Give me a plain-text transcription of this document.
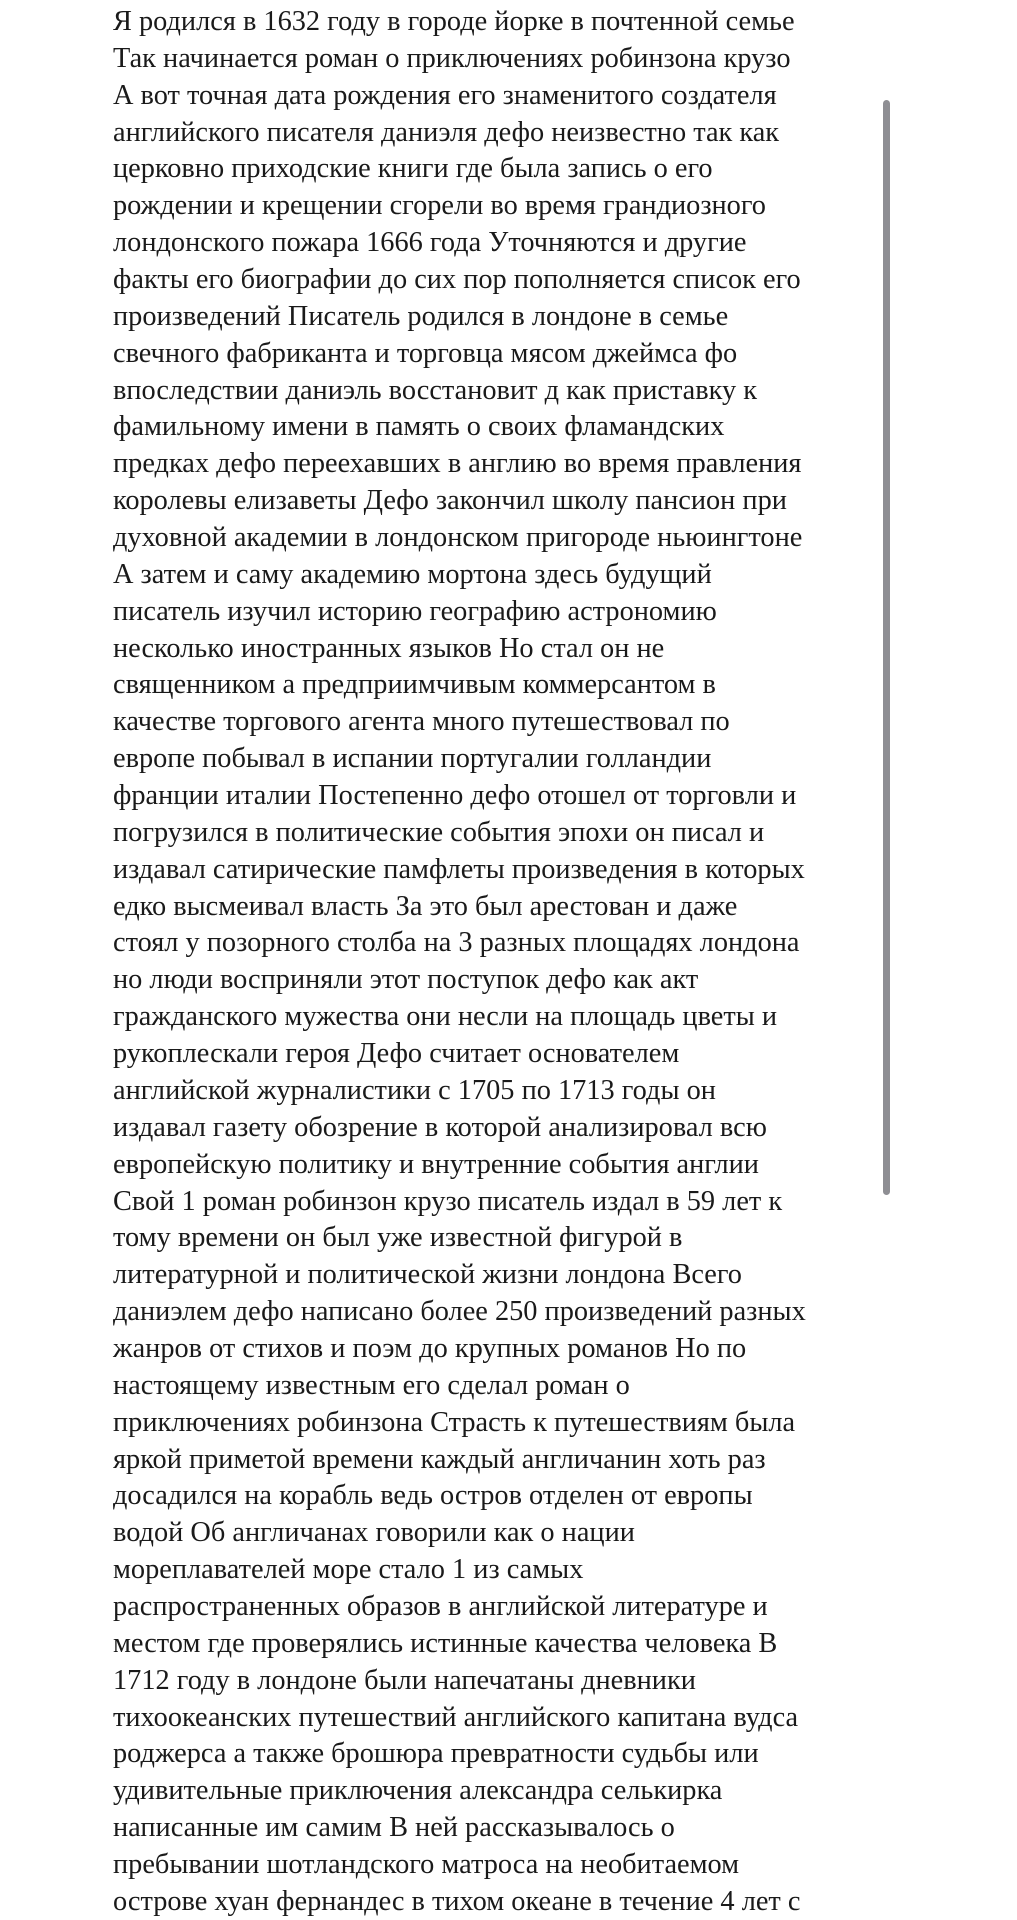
Я родился в 1632 году в городе йорке в почтенной семье
Так начинается роман о приключениях робинзона крузо
А вот точная дата рождения его знаменитого создателя
английского писателя даниэля дефо неизвестно так как
церковно приходские книги где была запись о его
рождении и крещении сгорели во время грандиозного
лондонского пожара 1666 года Уточняются и другие
факты его биографии до сих пор пополняется список его
произведений Писатель родился в лондоне в семье
свечного фабриканта и торговца мясом джеймса фо
впоследствии даниэль восстановит д как приставку к
фамильному имени в память о своих фламандских
предках дефо переехавших в англию во время правления
королевы елизаветы Дефо закончил школу пансион при
духовной академии в лондонском пригороде ньюингтоне
А затем и саму академию мортона здесь будущий
писатель изучил историю географию астрономию
несколько иностранных языков Но стал он не
священником а предприимчивым коммерсантом в
качестве торгового агента много путешествовал по
европе побывал в испании португалии голландии
франции италии Постепенно дефо отошел от торговли и
погрузился в политические события эпохи он писал и
издавал сатирические памфлеты произведения в которых
едко высмеивал власть За это был арестован и даже
стоял у позорного столба на 3 разных площадях лондона
но люди восприняли этот поступок дефо как акт
гражданского мужества они несли на площадь цветы и
рукоплескали героя Дефо считает основателем
английской журналистики с 1705 по 1713 годы он
издавал газету обозрение в которой анализировал всю
европейскую политику и внутренние события англии
Свой 1 роман робинзон крузо писатель издал в 59 лет к
тому времени он был уже известной фигурой в
литературной и политической жизни лондона Всего
даниэлем дефо написано более 250 произведений разных
жанров от стихов и поэм до крупных романов Но по
настоящему известным его сделал роман о
приключениях робинзона Страсть к путешествиям была
яркой приметой времени каждый англичанин хоть раз
досадился на корабль ведь остров отделен от европы
водой Об англичанах говорили как о нации
мореплавателей море стало 1 из самых
распространенных образов в английской литературе и
местом где проверялись истинные качества человека В
1712 году в лондоне были напечатаны дневники
тихоокеанских путешествий английского капитана вудса
роджерса а также брошюра превратности судьбы или
удивительные приключения александра селькирка
написанные им самим В ней рассказывалось о
пребывании шотландского матроса на необитаемом
острове хуан фернандес в тихом океане в течение 4 лет с
